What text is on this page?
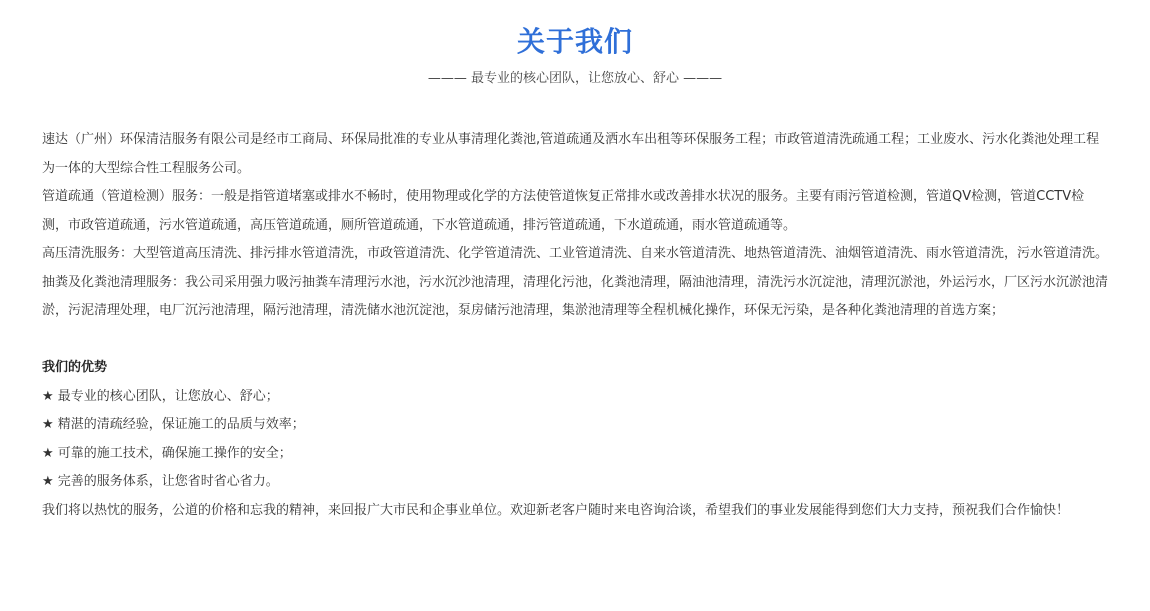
关于我们
——— 最专业的核心团队，让您放心、舒心 ———

速达（广州）环保清洁服务有限公司是经市工商局、环保局批准的专业从事清理化粪池,管道疏通及洒水车出租等环保服务工程；市政管道清洗疏通工程；工业废水、污水化粪池处理工程为一体的大型综合性工程服务公司。

管道疏通（管道检测）服务：一般是指管道堵塞或排水不畅时，使用物理或化学的方法使管道恢复正常排水或改善排水状况的服务。主要有雨污管道检测，管道QV检测，管道CCTV检测，市政管道疏通，污水管道疏通，高压管道疏通，厕所管道疏通，下水管道疏通，排污管道疏通，下水道疏通，雨水管道疏通等。

高压清洗服务：大型管道高压清洗、排污排水管道清洗，市政管道清洗、化学管道清洗、工业管道清洗、自来水管道清洗、地热管道清洗、油烟管道清洗、雨水管道清洗，污水管道清洗。

抽粪及化粪池清理服务：我公司采用强力吸污抽粪车清理污水池，污水沉沙池清理，清理化污池，化粪池清理，隔油池清理，清洗污水沉淀池，清理沉淤池，外运污水，厂区污水沉淤池清淤，污泥清理处理，电厂沉污池清理，隔污池清理，清洗储水池沉淀池，泵房储污池清理，集淤池清理等全程机械化操作，环保无污染，是各种化粪池清理的首选方案；

我们的优势

★ 最专业的核心团队，让您放心、舒心；

★ 精湛的清疏经验，保证施工的品质与效率；

★ 可靠的施工技术，确保施工操作的安全；

★ 完善的服务体系，让您省时省心省力。

我们将以热忱的服务，公道的价格和忘我的精神，来回报广大市民和企事业单位。欢迎新老客户随时来电咨询洽谈，希望我们的事业发展能得到您们大力支持，预祝我们合作愉快！
